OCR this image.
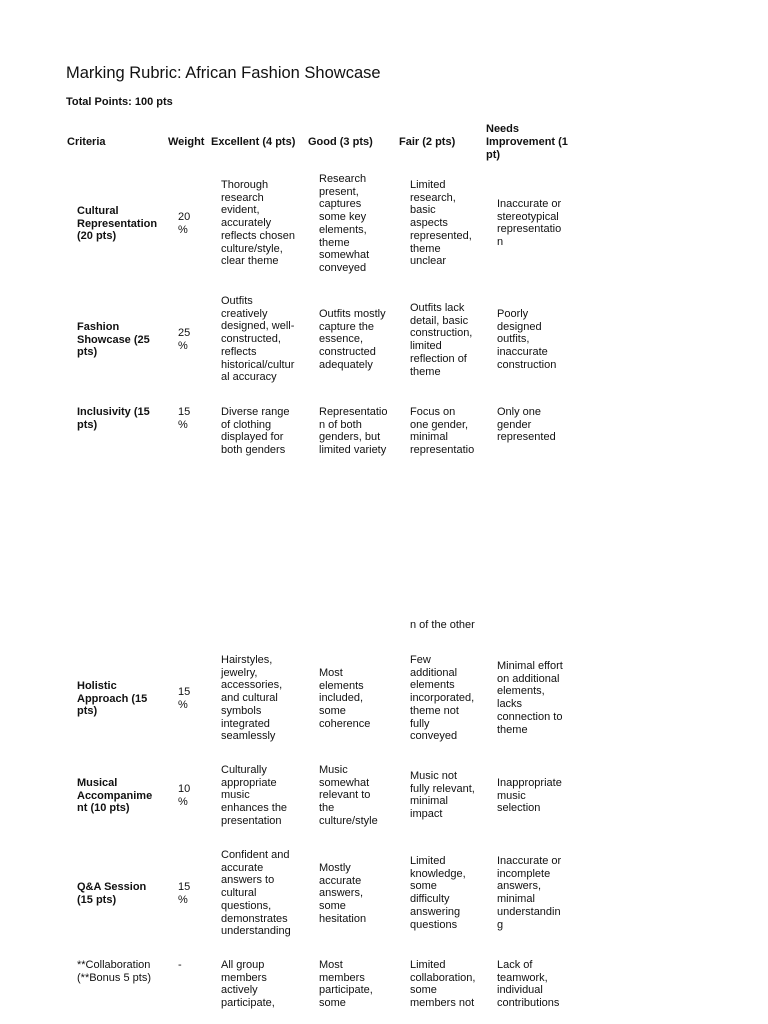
Marking Rubric: African Fashion Showcase
Total Points: 100 pts
Criteria	Weight Excellent (4 pts) Good (3 pts) Fair (2 pts)
Needs
Improvement (1
pt)
Cultural
Representation
(20 pts)
20
%
Thorough
research
evident,
accurately
reflects chosen
culture/style,
clear theme
Research
present,
captures
some key
elements,
theme
somewhat
conveyed
Limited
research,
basic
aspects
represented,
theme
unclear
Inaccurate or
stereotypical
representatio
n
Fashion
Showcase (25
pts)
25
%
Outfits
creatively
designed, well-
constructed,
reflects
historical/cultur
al accuracy
Outfits mostly
capture the
essence,
constructed
adequately
Outfits lack
detail, basic
construction,
limited
reflection of
theme
Poorly
designed
outfits,
inaccurate
construction
Inclusivity (15
pts)
15
%
Diverse range
of clothing
displayed for
both genders
Representatio
n of both
genders, but
limited variety
Focus on
one gender,
minimal
representatio
Only one
gender
represented
n of the other
Holistic
Approach (15
pts)
15
%
Hairstyles,
jewelry,
accessories,
and cultural
symbols
integrated
seamlessly
Most
elements
included,
some
coherence
Few
additional
elements
incorporated,
theme not
fully
conveyed
Minimal effort
on additional
elements,
lacks
connection to
theme
Musical
Accompanime
nt (10 pts)
10
%
Culturally
appropriate
music
enhances the
presentation
Music
somewhat
relevant to
the
culture/style
Music not
fully relevant,
minimal
impact
Inappropriate
music
selection
Q&A Session
(15 pts)
15
%
Confident and
accurate
answers to
cultural
questions,
demonstrates
understanding
Mostly
accurate
answers,
some
hesitation
Limited
knowledge,
some
difficulty
answering
questions
Inaccurate or
incomplete
answers,
minimal
understandin
g
**Collaboration
(**Bonus 5 pts)
-	All group
members
actively
participate,
Most
members
participate,
some
Limited
collaboration,
some
members not
Lack of
teamwork,
individual
contributions
